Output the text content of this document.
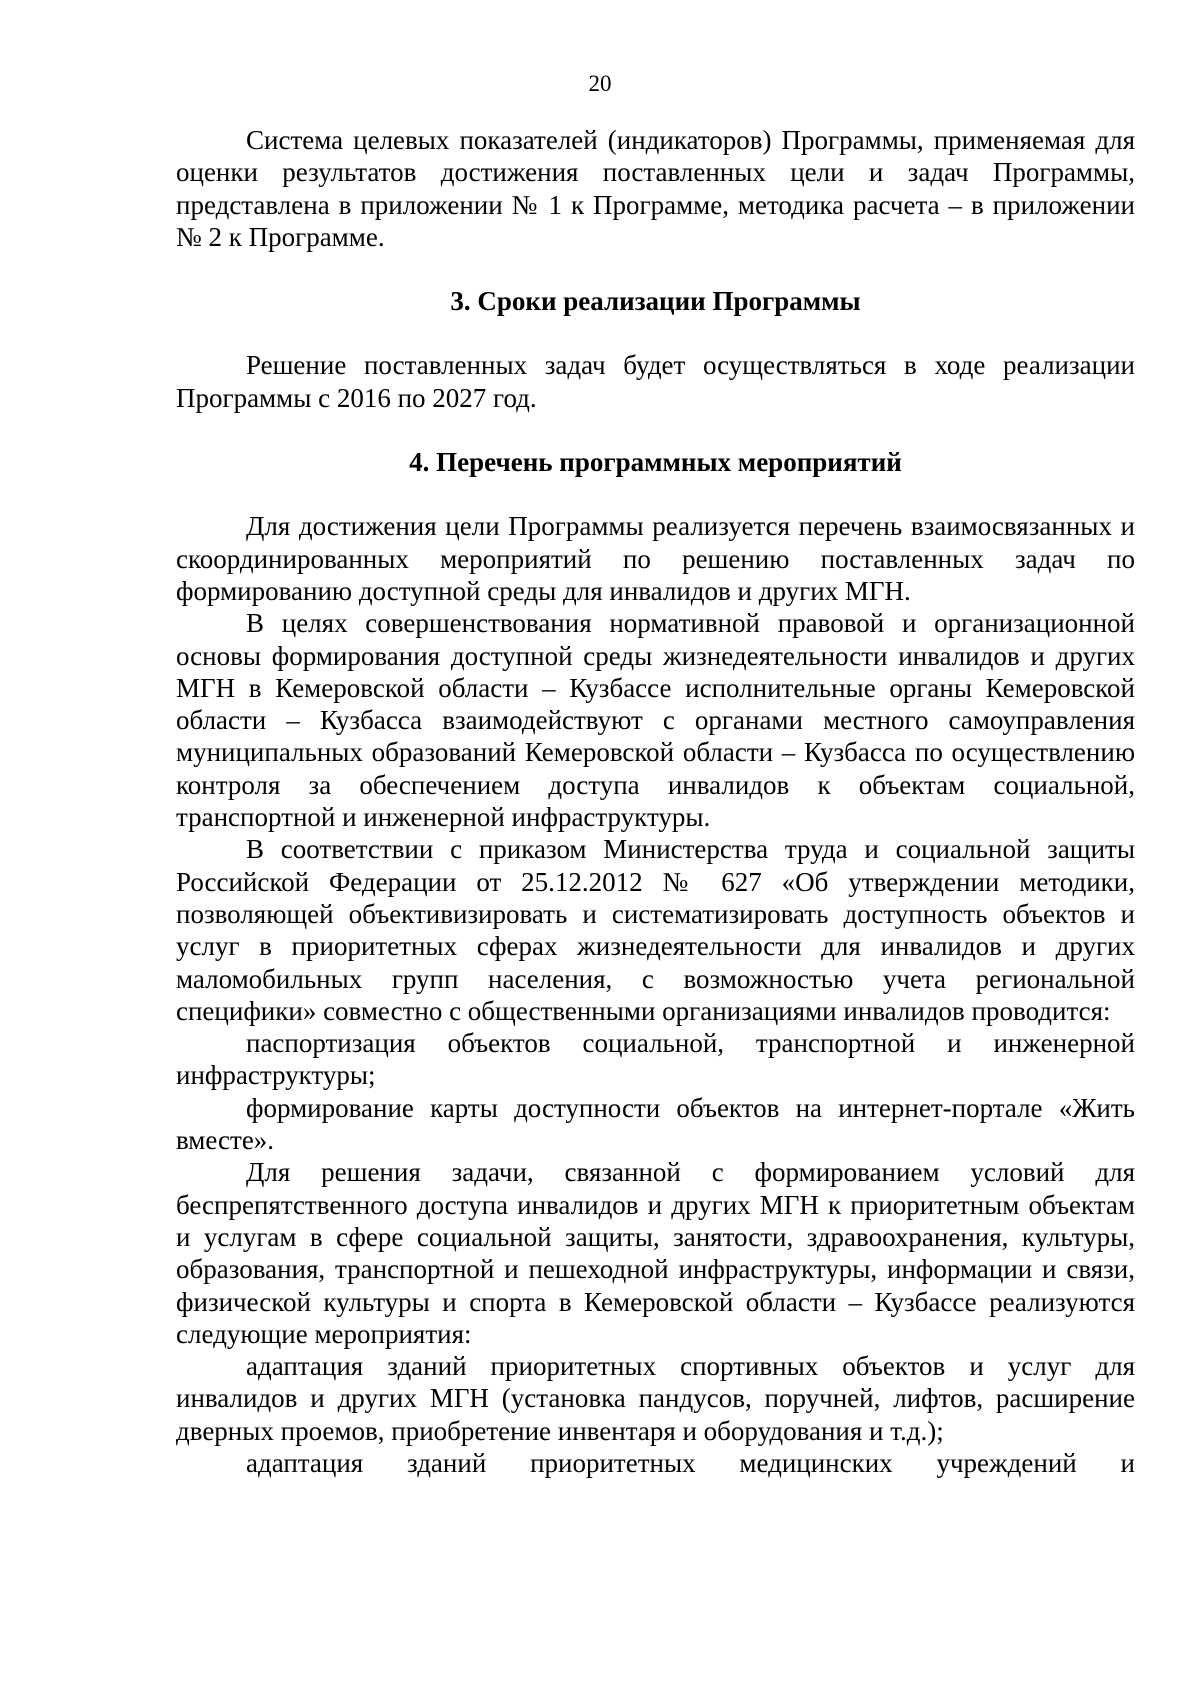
20

Система целевых показателей (индикаторов) Программы, применяемая для оценки результатов достижения поставленных цели и задач Программы, представлена в приложении № 1 к Программе, методика расчета – в приложении № 2 к Программе.

3. Сроки реализации Программы

Решение поставленных задач будет осуществляться в ходе реализации Программы с 2016 по 2027 год.

4. Перечень программных мероприятий

Для достижения цели Программы реализуется перечень взаимосвязанных и скоординированных мероприятий по решению поставленных задач по формированию доступной среды для инвалидов и других МГН.

В целях совершенствования нормативной правовой и организационной основы формирования доступной среды жизнедеятельности инвалидов и других МГН в Кемеровской области – Кузбассе исполнительные органы Кемеровской области – Кузбасса взаимодействуют с органами местного самоуправления муниципальных образований Кемеровской области – Кузбасса по осуществлению контроля за обеспечением доступа инвалидов к объектам социальной, транспортной и инженерной инфраструктуры.

В соответствии с приказом Министерства труда и социальной защиты Российской Федерации от 25.12.2012 № 627 «Об утверждении методики, позволяющей объективизировать и систематизировать доступность объектов и услуг в приоритетных сферах жизнедеятельности для инвалидов и других маломобильных групп населения, с возможностью учета региональной специфики» совместно с общественными организациями инвалидов проводится:

паспортизация объектов социальной, транспортной и инженерной инфраструктуры;

формирование карты доступности объектов на интернет-портале «Жить вместе».

Для решения задачи, связанной с формированием условий для беспрепятственного доступа инвалидов и других МГН к приоритетным объектам и услугам в сфере социальной защиты, занятости, здравоохранения, культуры, образования, транспортной и пешеходной инфраструктуры, информации и связи, физической культуры и спорта в Кемеровской области – Кузбассе реализуются следующие мероприятия:

адаптация зданий приоритетных спортивных объектов и услуг для инвалидов и других МГН (установка пандусов, поручней, лифтов, расширение дверных проемов, приобретение инвентаря и оборудования и т.д.);

адаптация зданий приоритетных медицинских учреждений и
